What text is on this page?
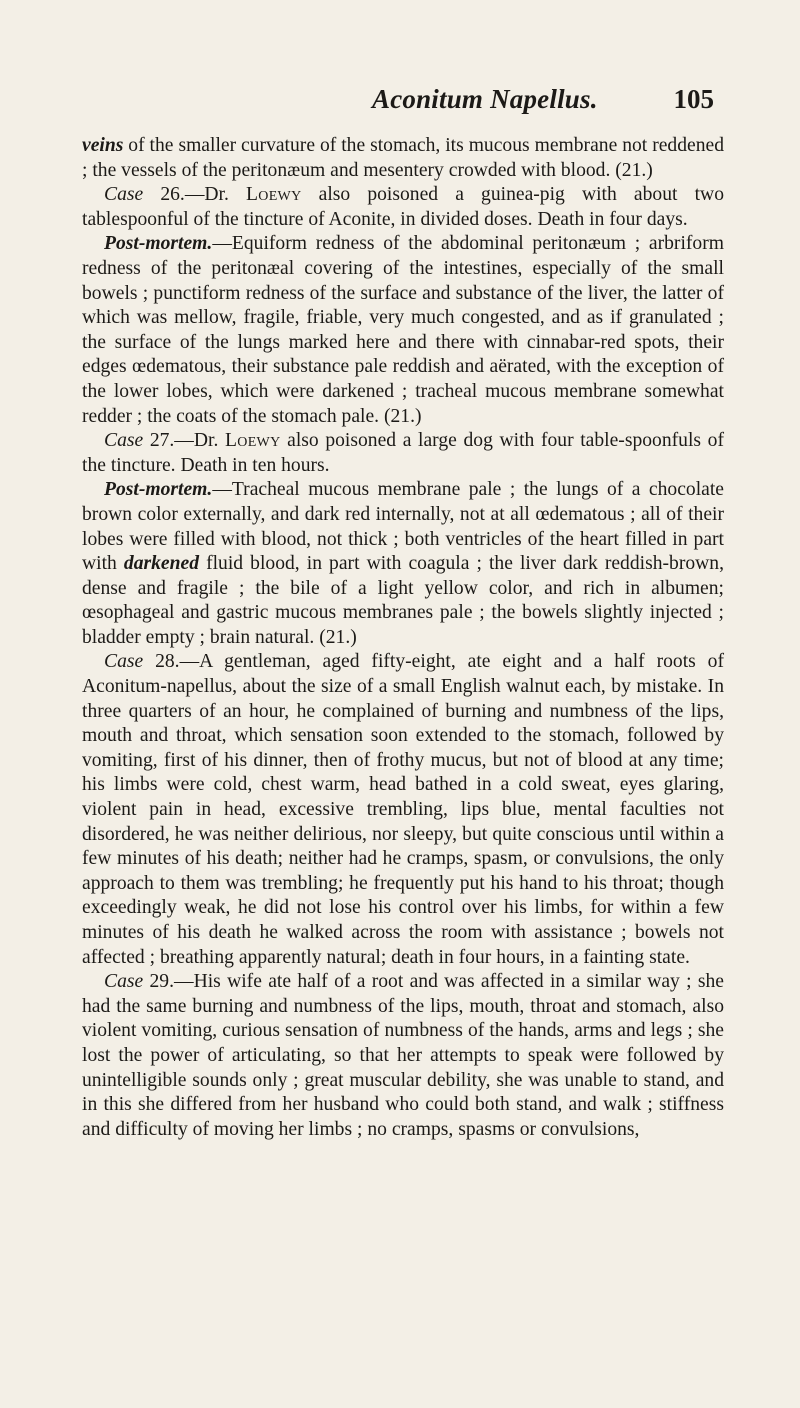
Aconitum Napellus.	105

veins of the smaller curvature of the stomach, its mucous membrane not reddened ; the vessels of the peritonæum and mesentery crowded with blood. (21.)

Case 26.—Dr. Loewy also poisoned a guinea-pig with about two tablespoonful of the tincture of Aconite, in divided doses. Death in four days.

Post-mortem.—Equiform redness of the abdominal peritonæum ; arbriform redness of the peritonæal covering of the intestines, especially of the small bowels ; punctiform redness of the surface and substance of the liver, the latter of which was mellow, fragile, friable, very much congested, and as if granulated ; the surface of the lungs marked here and there with cinnabar-red spots, their edges œdematous, their substance pale reddish and aërated, with the exception of the lower lobes, which were darkened ; tracheal mucous membrane somewhat redder ; the coats of the stomach pale. (21.)

Case 27.—Dr. Loewy also poisoned a large dog with four table-spoonfuls of the tincture. Death in ten hours.

Post-mortem.—Tracheal mucous membrane pale ; the lungs of a chocolate brown color externally, and dark red internally, not at all œdematous ; all of their lobes were filled with blood, not thick ; both ventricles of the heart filled in part with darkened fluid blood, in part with coagula ; the liver dark reddish-brown, dense and fragile ; the bile of a light yellow color, and rich in albumen; œsophageal and gastric mucous membranes pale ; the bowels slightly injected ; bladder empty ; brain natural. (21.)

Case 28.—A gentleman, aged fifty-eight, ate eight and a half roots of Aconitum-napellus, about the size of a small English walnut each, by mistake. In three quarters of an hour, he complained of burning and numbness of the lips, mouth and throat, which sensation soon extended to the stomach, followed by vomiting, first of his dinner, then of frothy mucus, but not of blood at any time; his limbs were cold, chest warm, head bathed in a cold sweat, eyes glaring, violent pain in head, excessive trembling, lips blue, mental faculties not disordered, he was neither delirious, nor sleepy, but quite conscious until within a few minutes of his death; neither had he cramps, spasm, or convulsions, the only approach to them was trembling; he frequently put his hand to his throat; though exceedingly weak, he did not lose his control over his limbs, for within a few minutes of his death he walked across the room with assistance ; bowels not affected ; breathing apparently natural; death in four hours, in a fainting state.

Case 29.—His wife ate half of a root and was affected in a similar way ; she had the same burning and numbness of the lips, mouth, throat and stomach, also violent vomiting, curious sensation of numbness of the hands, arms and legs ; she lost the power of articulating, so that her attempts to speak were followed by unintelligible sounds only ; great muscular debility, she was unable to stand, and in this she differed from her husband who could both stand, and walk ; stiffness and difficulty of moving her limbs ; no cramps, spasms or convulsions,
